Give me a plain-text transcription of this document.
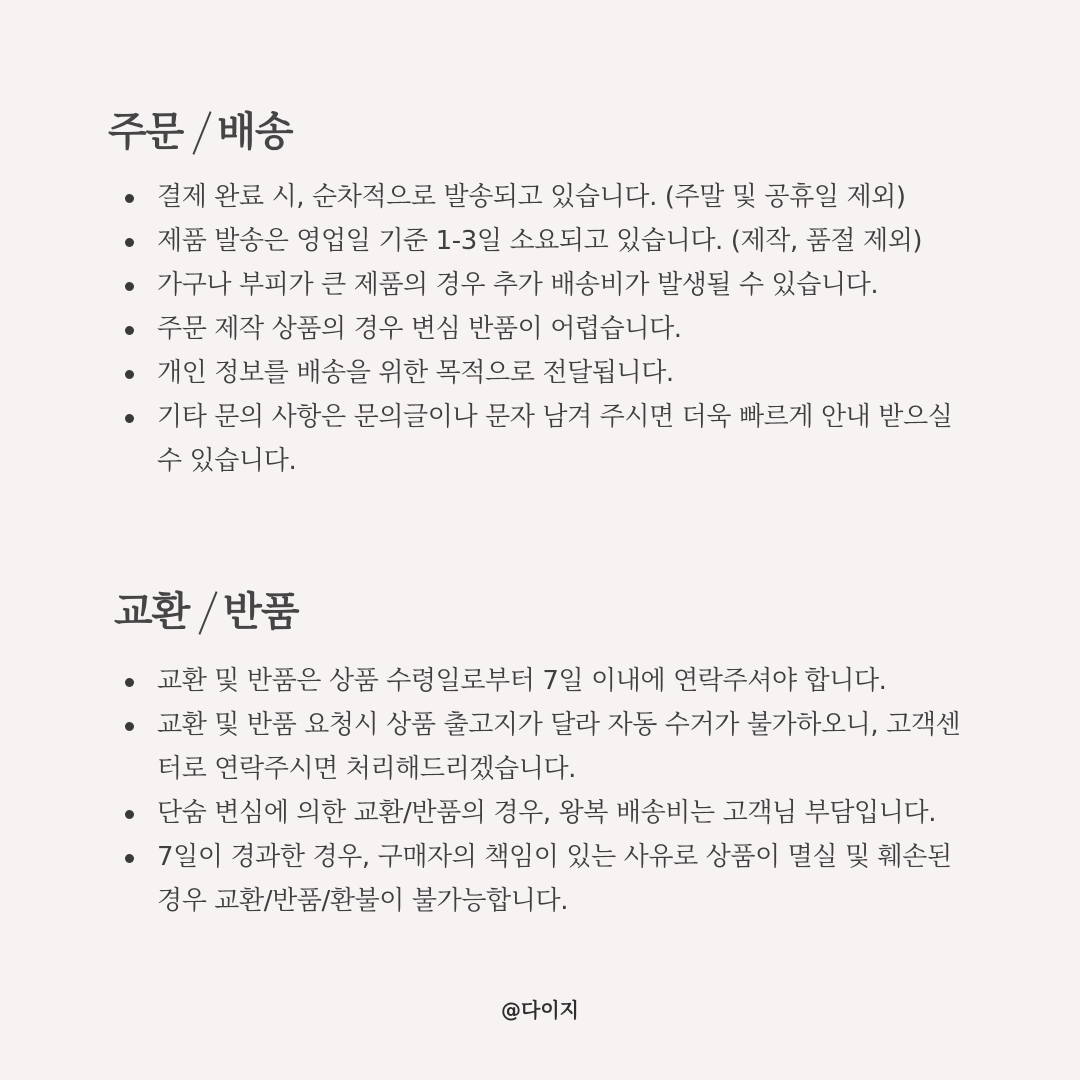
주문 배송
결제 완료 시, 순차적으로 발송되고 있습니다. (주말 및 공휴일 제외)
제품 발송은 영업일 기준 1-3일 소요되고 있습니다. (제작, 품절 제외)
가구나 부피가 큰 제품의 경우 추가 배송비가 발생될 수 있습니다.
주문 제작 상품의 경우 변심 반품이 어렵습니다.
개인 정보를 배송을 위한 목적으로 전달됩니다.
기타 문의 사항은 문의글이나 문자 남겨 주시면 더욱 빠르게 안내 받으실 수 있습니다.
교환 반품
교환 및 반품은 상품 수령일로부터 7일 이내에 연락주셔야 합니다.
교환 및 반품 요청시 상품 출고지가 달라 자동 수거가 불가하오니, 고객센터로 연락주시면 처리해드리겠습니다.
단숨 변심에 의한 교환/반품의 경우, 왕복 배송비는 고객님 부담입니다.
7일이 경과한 경우, 구매자의 책임이 있는 사유로 상품이 멸실 및 훼손된 경우 교환/반품/환불이 불가능합니다.
@다이지
